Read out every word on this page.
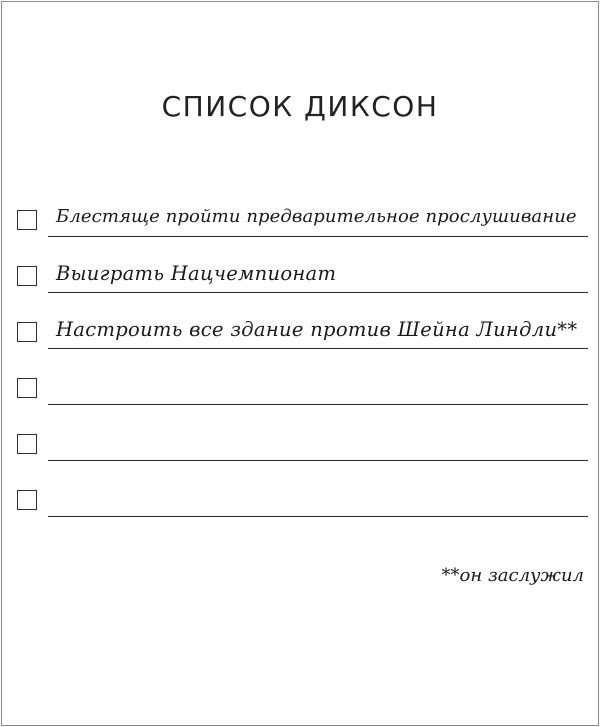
СПИСОК ДИКСОН
Блестяще пройти предварительное прослушивание
Выиграть Нацчемпионат
Настроить все здание против Шейна Линдли**
**он заслужил
